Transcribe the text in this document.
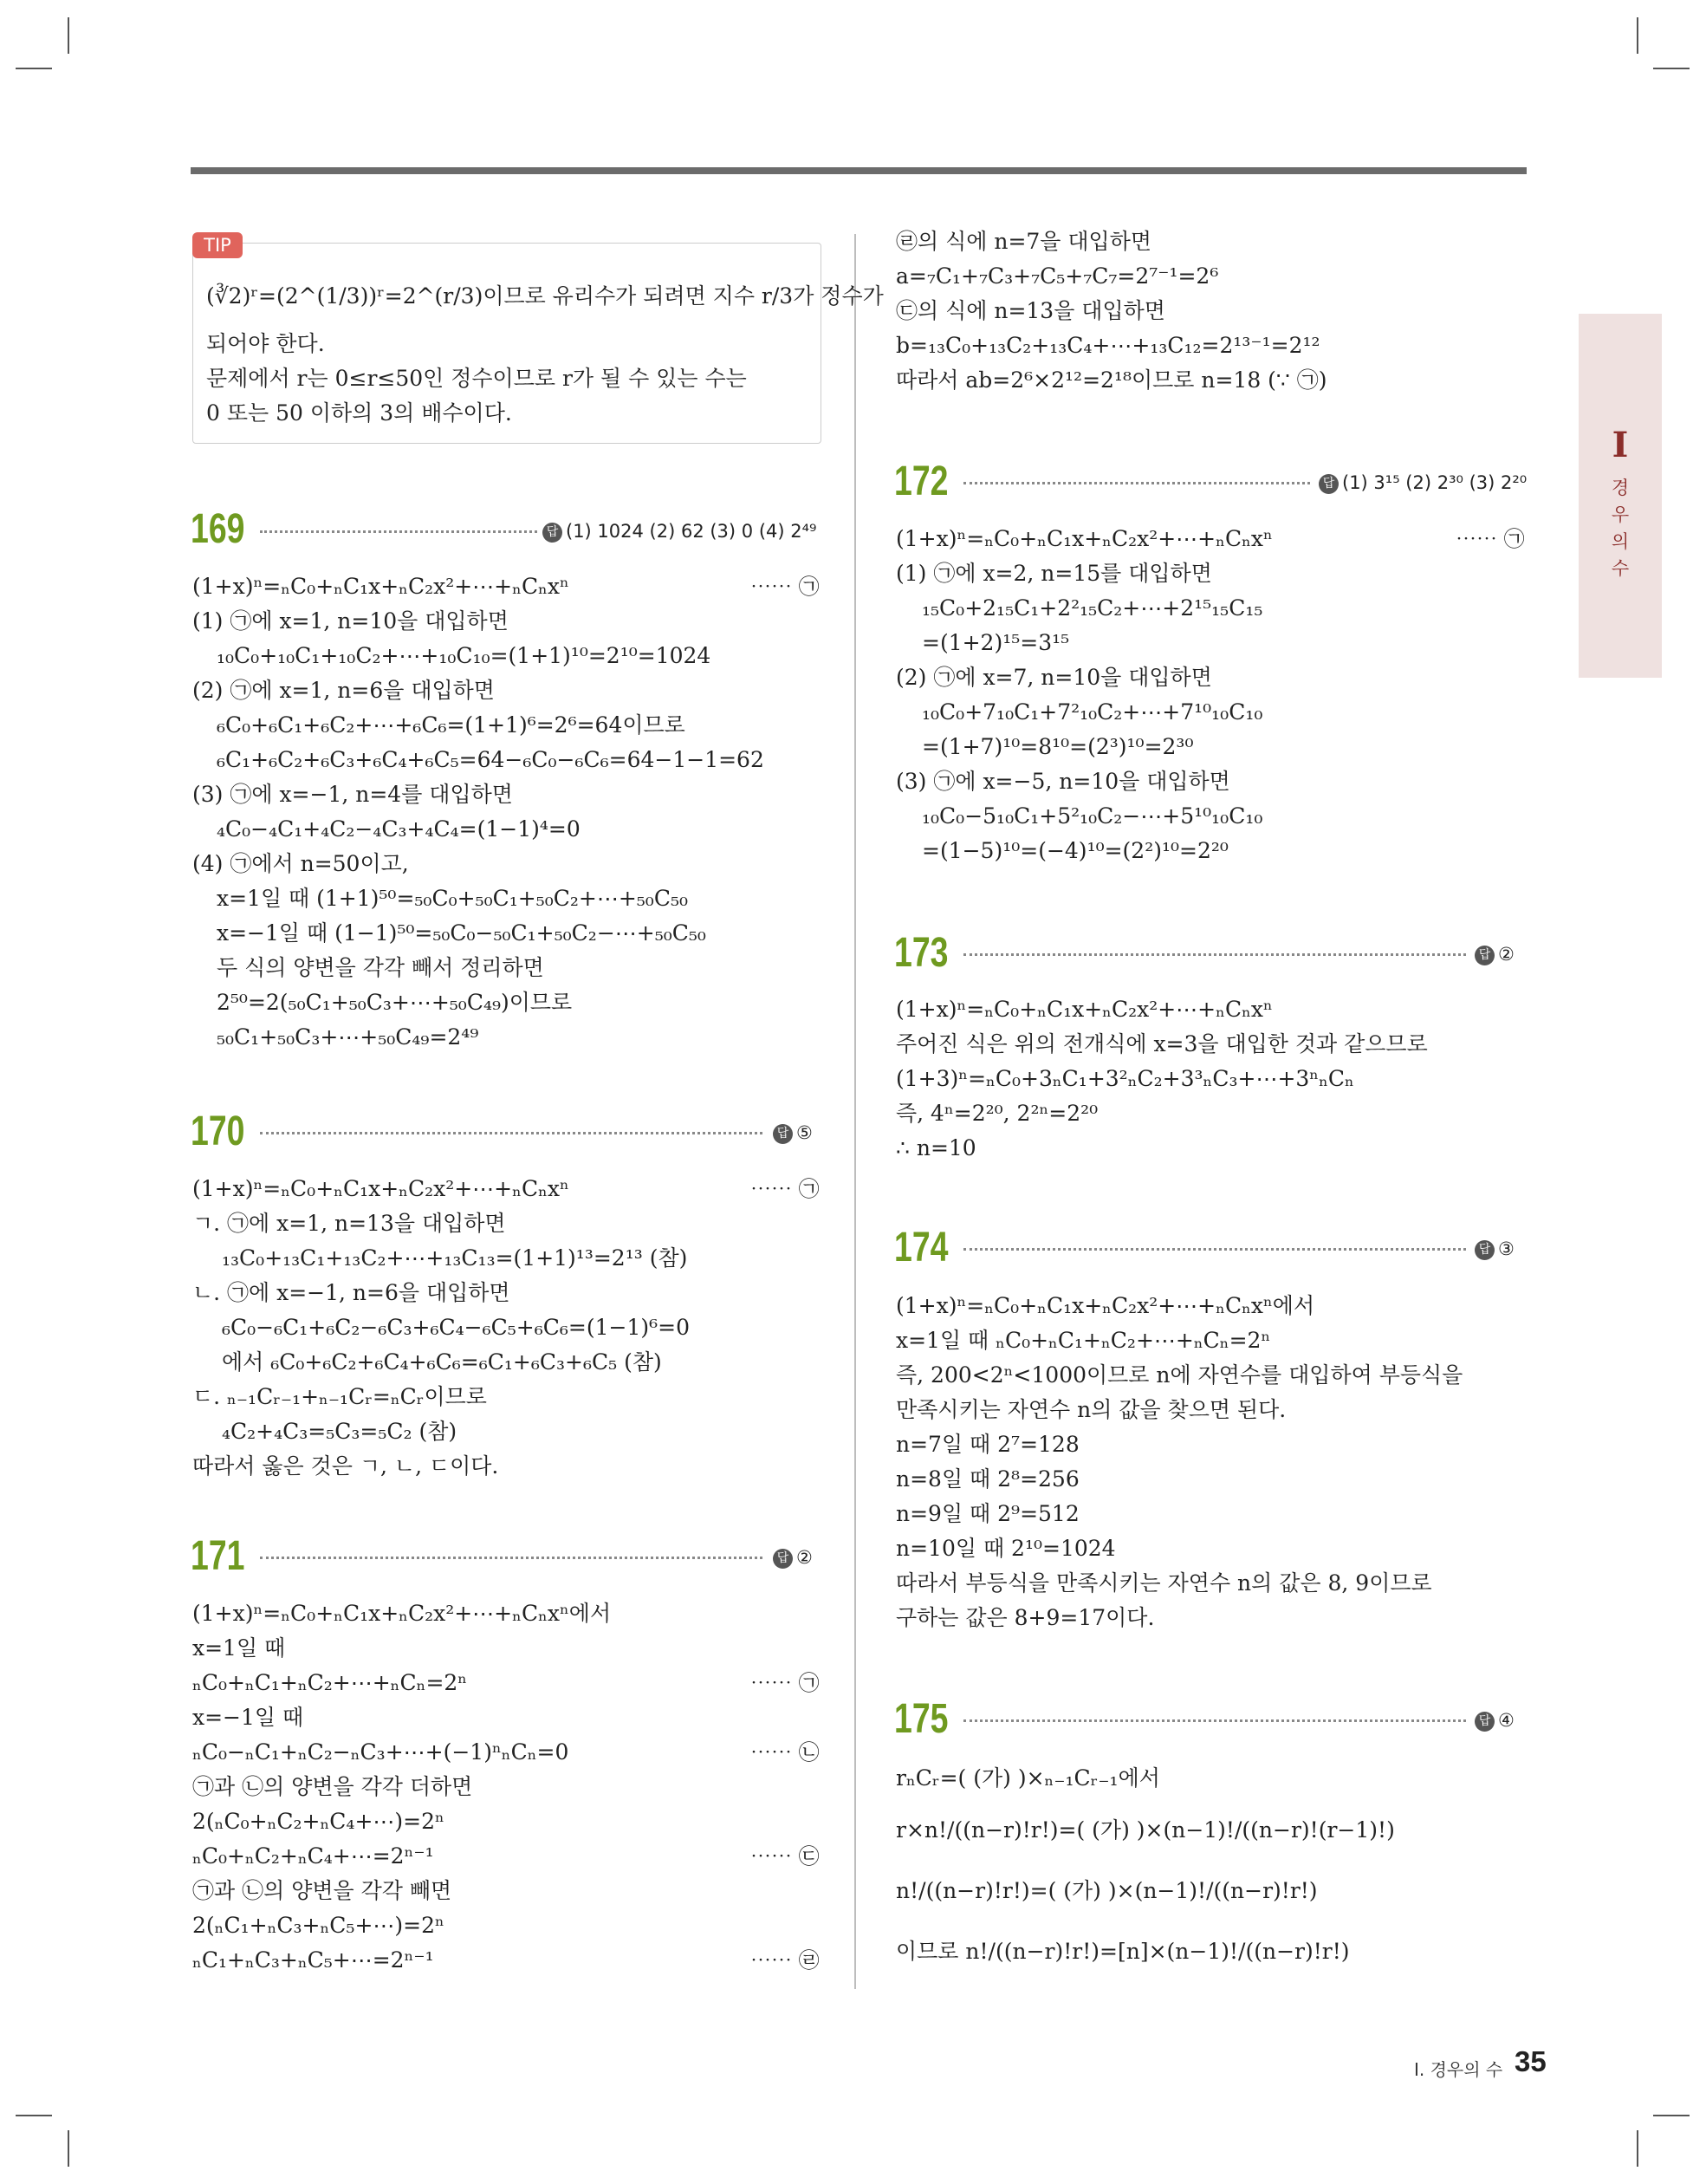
I
경
우
의
수
TIP
(∛2)ʳ=(2^(1/3))ʳ=2^(r/3)이므로 유리수가 되려면 지수 r/3가 정수가
되어야 한다.
문제에서 r는 0≤r≤50인 정수이므로 r가 될 수 있는 수는
0 또는 50 이하의 3의 배수이다.
169	답 (1) 1024 (2) 62 (3) 0 (4) 2⁴⁹
(1+x)ⁿ=ₙC₀+ₙC₁x+ₙC₂x²+⋯+ₙCₙxⁿ	⋯⋯ ㉠
(1) ㉠에 x=1, n=10을 대입하면
₁₀C₀+₁₀C₁+₁₀C₂+⋯+₁₀C₁₀=(1+1)¹⁰=2¹⁰=1024
(2) ㉠에 x=1, n=6을 대입하면
₆C₀+₆C₁+₆C₂+⋯+₆C₆=(1+1)⁶=2⁶=64이므로
₆C₁+₆C₂+₆C₃+₆C₄+₆C₅=64−₆C₀−₆C₆=64−1−1=62
(3) ㉠에 x=−1, n=4를 대입하면
₄C₀−₄C₁+₄C₂−₄C₃+₄C₄=(1−1)⁴=0
(4) ㉠에서 n=50이고,
x=1일 때 (1+1)⁵⁰=₅₀C₀+₅₀C₁+₅₀C₂+⋯+₅₀C₅₀
x=−1일 때 (1−1)⁵⁰=₅₀C₀−₅₀C₁+₅₀C₂−⋯+₅₀C₅₀
두 식의 양변을 각각 빼서 정리하면
2⁵⁰=2(₅₀C₁+₅₀C₃+⋯+₅₀C₄₉)이므로
₅₀C₁+₅₀C₃+⋯+₅₀C₄₉=2⁴⁹
170	답 ⑤
(1+x)ⁿ=ₙC₀+ₙC₁x+ₙC₂x²+⋯+ₙCₙxⁿ	⋯⋯ ㉠
ㄱ. ㉠에 x=1, n=13을 대입하면
₁₃C₀+₁₃C₁+₁₃C₂+⋯+₁₃C₁₃=(1+1)¹³=2¹³ (참)
ㄴ. ㉠에 x=−1, n=6을 대입하면
₆C₀−₆C₁+₆C₂−₆C₃+₆C₄−₆C₅+₆C₆=(1−1)⁶=0
에서 ₆C₀+₆C₂+₆C₄+₆C₆=₆C₁+₆C₃+₆C₅ (참)
ㄷ. ₙ₋₁Cᵣ₋₁+ₙ₋₁Cᵣ=ₙCᵣ이므로
₄C₂+₄C₃=₅C₃=₅C₂ (참)
따라서 옳은 것은 ㄱ, ㄴ, ㄷ이다.
171	답 ②
(1+x)ⁿ=ₙC₀+ₙC₁x+ₙC₂x²+⋯+ₙCₙxⁿ에서
x=1일 때
ₙC₀+ₙC₁+ₙC₂+⋯+ₙCₙ=2ⁿ	⋯⋯ ㉠
x=−1일 때
ₙC₀−ₙC₁+ₙC₂−ₙC₃+⋯+(−1)ⁿₙCₙ=0	⋯⋯ ㉡
㉠과 ㉡의 양변을 각각 더하면
2(ₙC₀+ₙC₂+ₙC₄+⋯)=2ⁿ
ₙC₀+ₙC₂+ₙC₄+⋯=2ⁿ⁻¹	⋯⋯ ㉢
㉠과 ㉡의 양변을 각각 빼면
2(ₙC₁+ₙC₃+ₙC₅+⋯)=2ⁿ
ₙC₁+ₙC₃+ₙC₅+⋯=2ⁿ⁻¹	⋯⋯ ㉣
㉣의 식에 n=7을 대입하면
a=₇C₁+₇C₃+₇C₅+₇C₇=2⁷⁻¹=2⁶
㉢의 식에 n=13을 대입하면
b=₁₃C₀+₁₃C₂+₁₃C₄+⋯+₁₃C₁₂=2¹³⁻¹=2¹²
따라서 ab=2⁶×2¹²=2¹⁸이므로 n=18 (∵ ㉠)
172	답 (1) 3¹⁵ (2) 2³⁰ (3) 2²⁰
(1+x)ⁿ=ₙC₀+ₙC₁x+ₙC₂x²+⋯+ₙCₙxⁿ	⋯⋯ ㉠
(1) ㉠에 x=2, n=15를 대입하면
₁₅C₀+2₁₅C₁+2²₁₅C₂+⋯+2¹⁵₁₅C₁₅
=(1+2)¹⁵=3¹⁵
(2) ㉠에 x=7, n=10을 대입하면
₁₀C₀+7₁₀C₁+7²₁₀C₂+⋯+7¹⁰₁₀C₁₀
=(1+7)¹⁰=8¹⁰=(2³)¹⁰=2³⁰
(3) ㉠에 x=−5, n=10을 대입하면
₁₀C₀−5₁₀C₁+5²₁₀C₂−⋯+5¹⁰₁₀C₁₀
=(1−5)¹⁰=(−4)¹⁰=(2²)¹⁰=2²⁰
173	답 ②
(1+x)ⁿ=ₙC₀+ₙC₁x+ₙC₂x²+⋯+ₙCₙxⁿ
주어진 식은 위의 전개식에 x=3을 대입한 것과 같으므로
(1+3)ⁿ=ₙC₀+3ₙC₁+3²ₙC₂+3³ₙC₃+⋯+3ⁿₙCₙ
즉, 4ⁿ=2²⁰, 2²ⁿ=2²⁰
∴ n=10
174	답 ③
(1+x)ⁿ=ₙC₀+ₙC₁x+ₙC₂x²+⋯+ₙCₙxⁿ에서
x=1일 때 ₙC₀+ₙC₁+ₙC₂+⋯+ₙCₙ=2ⁿ
즉, 200<2ⁿ<1000이므로 n에 자연수를 대입하여 부등식을
만족시키는 자연수 n의 값을 찾으면 된다.
n=7일 때 2⁷=128
n=8일 때 2⁸=256
n=9일 때 2⁹=512
n=10일 때 2¹⁰=1024
따라서 부등식을 만족시키는 자연수 n의 값은 8, 9이므로
구하는 값은 8+9=17이다.
175	답 ④
rₙCᵣ=( (가) )×ₙ₋₁Cᵣ₋₁에서
r×n!/((n−r)!r!)=( (가) )×(n−1)!/((n−r)!(r−1)!)
n!/((n−r)!r!)=( (가) )×(n−1)!/((n−r)!r!)
이므로 n!/((n−r)!r!)=[n]×(n−1)!/((n−r)!r!)
I. 경우의 수 35
